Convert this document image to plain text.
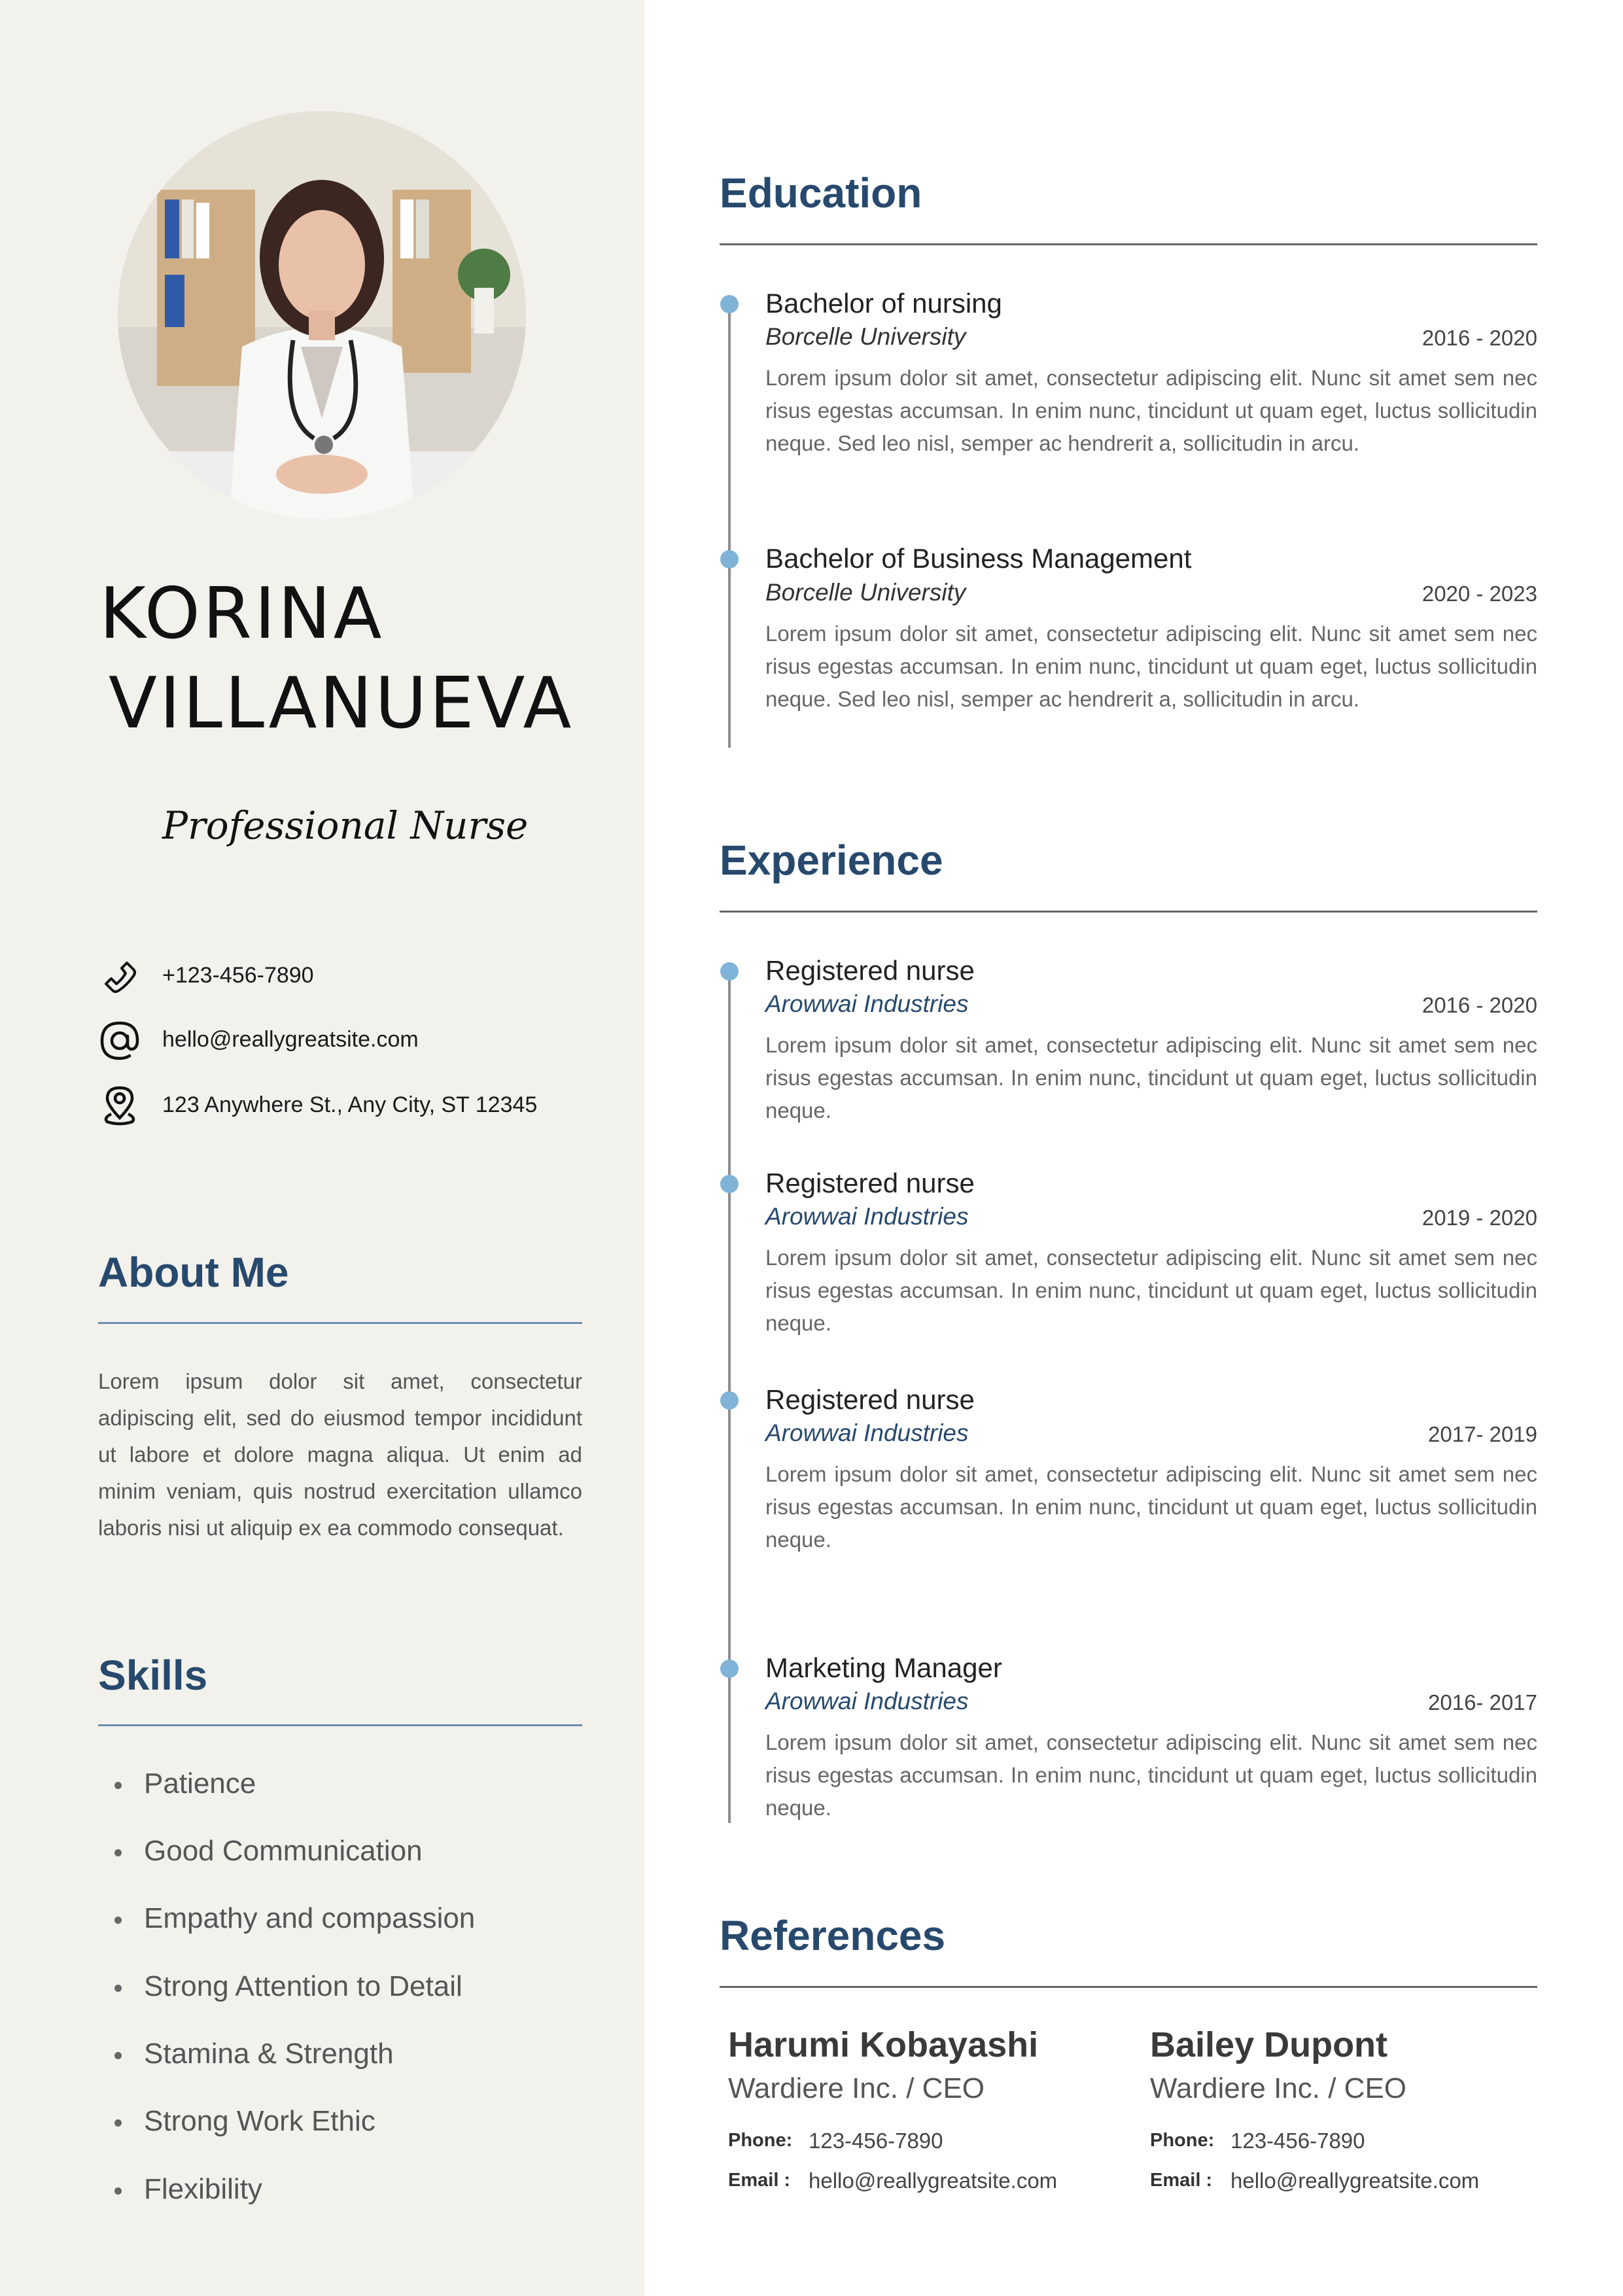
KORINA
VILLANUEVA
Professional Nurse
+123-456-7890
hello@reallygreatsite.com
123 Anywhere St., Any City, ST 12345
About Me
Lorem ipsum dolor sit amet, consectetur adipiscing elit, sed do eiusmod tempor incididunt ut labore et dolore magna aliqua. Ut enim ad minim veniam, quis nostrud exercitation ullamco laboris nisi ut aliquip ex ea commodo consequat.
Skills
Patience
Good Communication
Empathy and compassion
Strong Attention to Detail
Stamina & Strength
Strong Work Ethic
Flexibility
Education
Bachelor of nursing
Borcelle University	2016 - 2020
Lorem ipsum dolor sit amet, consectetur adipiscing elit. Nunc sit amet sem nec risus egestas accumsan. In enim nunc, tincidunt ut quam eget, luctus sollicitudin neque. Sed leo nisl, semper ac hendrerit a, sollicitudin in arcu.
Bachelor of Business Management
Borcelle University	2020 - 2023
Lorem ipsum dolor sit amet, consectetur adipiscing elit. Nunc sit amet sem nec risus egestas accumsan. In enim nunc, tincidunt ut quam eget, luctus sollicitudin neque. Sed leo nisl, semper ac hendrerit a, sollicitudin in arcu.
Experience
Registered nurse
Arowwai Industries	2016 - 2020
Lorem ipsum dolor sit amet, consectetur adipiscing elit. Nunc sit amet sem nec risus egestas accumsan. In enim nunc, tincidunt ut quam eget, luctus sollicitudin neque.
Registered nurse
Arowwai Industries	2019 - 2020
Lorem ipsum dolor sit amet, consectetur adipiscing elit. Nunc sit amet sem nec risus egestas accumsan. In enim nunc, tincidunt ut quam eget, luctus sollicitudin neque.
Registered nurse
Arowwai Industries	2017- 2019
Lorem ipsum dolor sit amet, consectetur adipiscing elit. Nunc sit amet sem nec risus egestas accumsan. In enim nunc, tincidunt ut quam eget, luctus sollicitudin neque.
Marketing Manager
Arowwai Industries	2016- 2017
Lorem ipsum dolor sit amet, consectetur adipiscing elit. Nunc sit amet sem nec risus egestas accumsan. In enim nunc, tincidunt ut quam eget, luctus sollicitudin neque.
References
Harumi Kobayashi
Wardiere Inc. / CEO
Phone: 123-456-7890
Email : hello@reallygreatsite.com
Bailey Dupont
Wardiere Inc. / CEO
Phone: 123-456-7890
Email : hello@reallygreatsite.com
